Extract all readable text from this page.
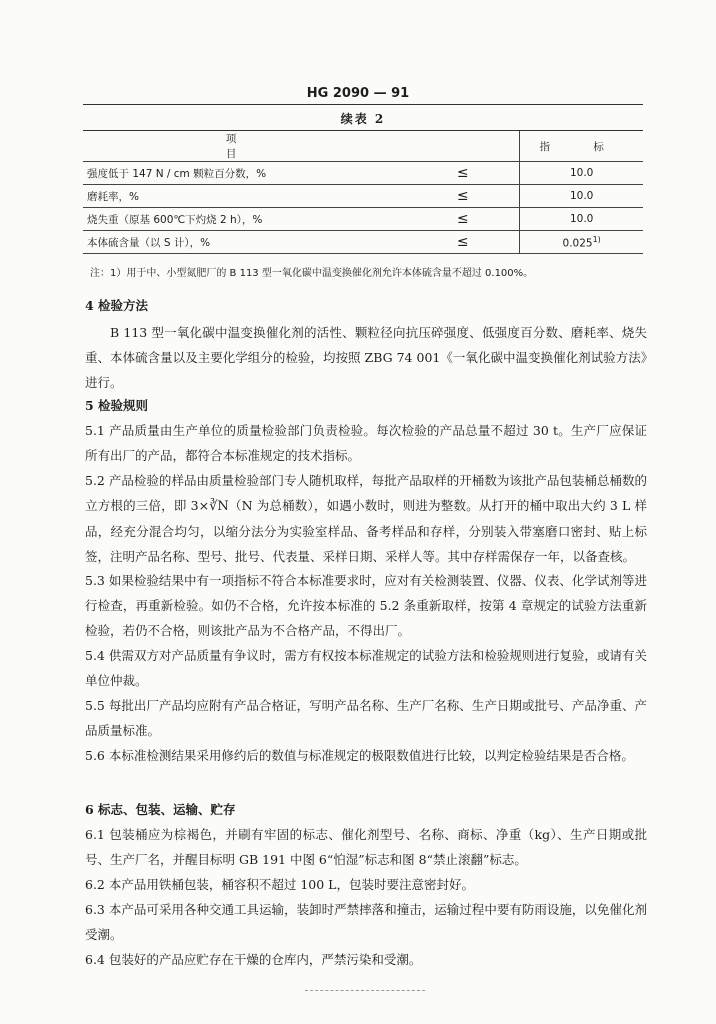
HG 2090 — 91
续表 2
项 目		指 标
强度低于 147 N / cm 颗粒百分数，%	≤	10.0
磨耗率，%	≤	10.0
烧失重（原基 600℃下灼烧 2 h），%	≤	10.0
本体硫含量（以 S 计），%	≤	$0.025^{1)}$
注：1）用于中、小型氮肥厂的 B 113 型一氧化碳中温变换催化剂允许本体硫含量不超过 0.100%。
4 检验方法

B 113 型一氧化碳中温变换催化剂的活性、颗粒径向抗压碎强度、低强度百分数、磨耗率、烧失重、本体硫含量以及主要化学组分的检验，均按照 ZBG 74 001《一氧化碳中温变换催化剂试验方法》进行。

5 检验规则

5.1 产品质量由生产单位的质量检验部门负责检验。每次检验的产品总量不超过 30 t。生产厂应保证所有出厂的产品，都符合本标准规定的技术指标。

5.2 产品检验的样品由质量检验部门专人随机取样，每批产品取样的开桶数为该批产品包装桶总桶数的立方根的三倍，即 3×∛N（N 为总桶数），如遇小数时，则进为整数。从打开的桶中取出大约 3 L 样品，经充分混合均匀，以缩分法分为实验室样品、备考样品和存样，分别装入带塞磨口密封、贴上标签，注明产品名称、型号、批号、代表量、采样日期、采样人等。其中存样需保存一年，以备查核。

5.3 如果检验结果中有一项指标不符合本标准要求时，应对有关检测装置、仪器、仪表、化学试剂等进行检查，再重新检验。如仍不合格，允许按本标准的 5.2 条重新取样，按第 4 章规定的试验方法重新检验，若仍不合格，则该批产品为不合格产品，不得出厂。

5.4 供需双方对产品质量有争议时，需方有权按本标准规定的试验方法和检验规则进行复验，或请有关单位仲裁。

5.5 每批出厂产品均应附有产品合格证，写明产品名称、生产厂名称、生产日期或批号、产品净重、产品质量标准。

5.6 本标准检测结果采用修约后的数值与标准规定的极限数值进行比较，以判定检验结果是否合格。

6 标志、包装、运输、贮存

6.1 包装桶应为棕褐色，并刷有牢固的标志、催化剂型号、名称、商标、净重（kg）、生产日期或批号、生产厂名，并醒目标明 GB 191 中图 6“怕湿”标志和图 8“禁止滚翻”标志。

6.2 本产品用铁桶包装，桶容积不超过 100 L，包装时要注意密封好。

6.3 本产品可采用各种交通工具运输，装卸时严禁摔落和撞击，运输过程中要有防雨设施，以免催化剂受潮。

6.4 包装好的产品应贮存在干燥的仓库内，严禁污染和受潮。
